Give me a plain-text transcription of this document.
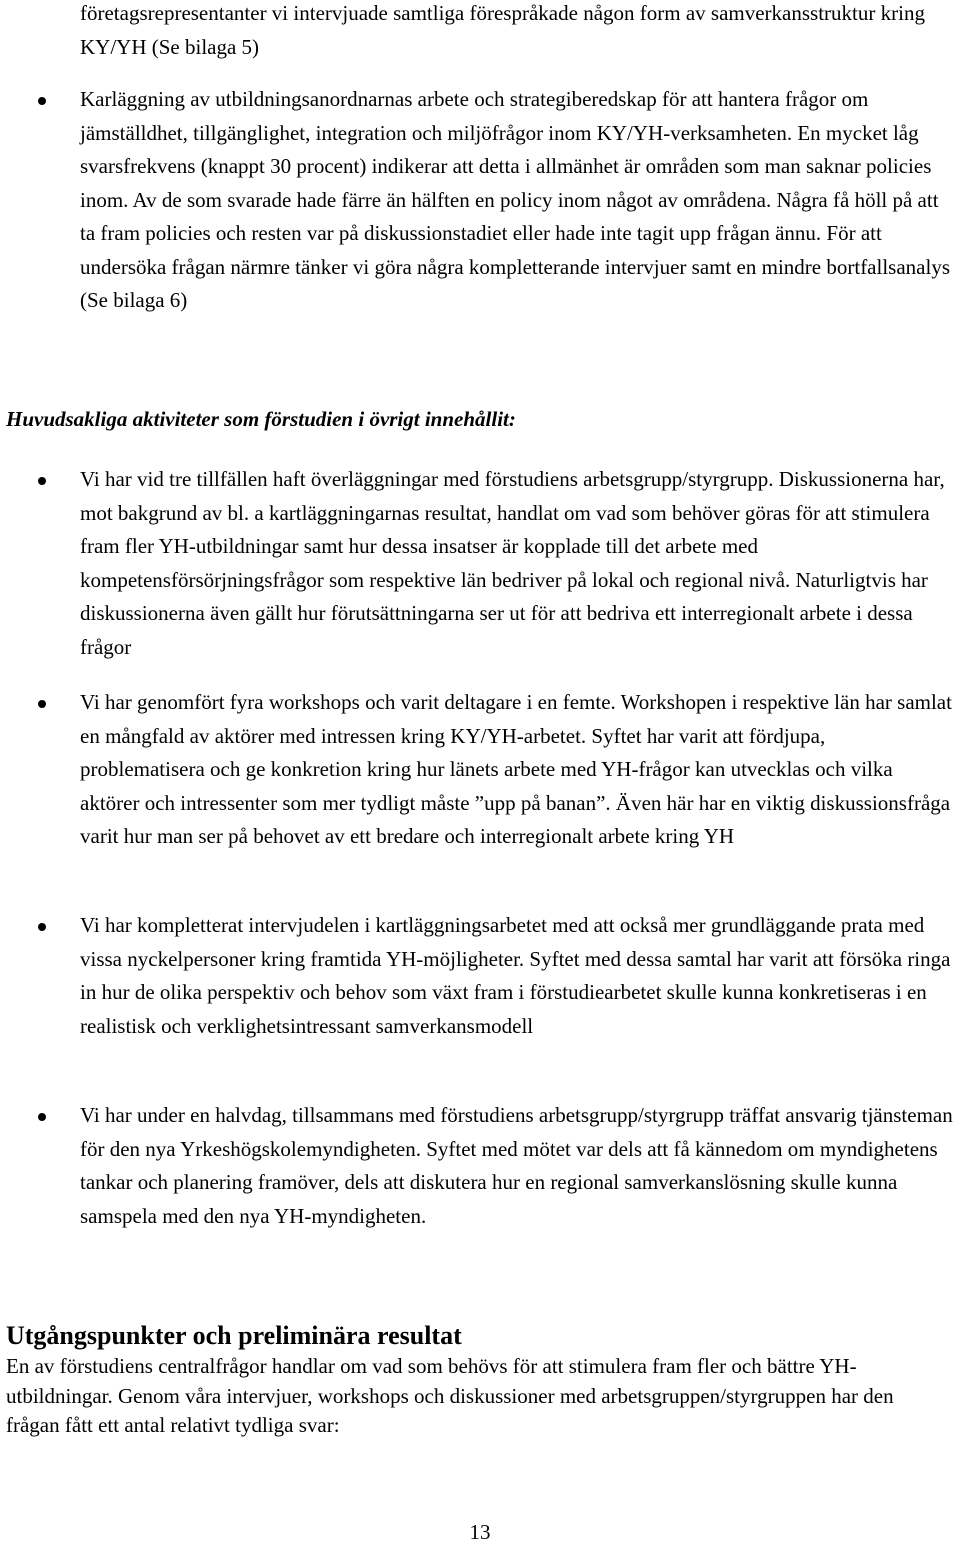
företagsrepresentanter vi intervjuade samtliga förespråkade någon form av samverkansstruktur kring KY/YH (Se bilaga 5)

Karläggning av utbildningsanordnarnas arbete och strategiberedskap för att hantera frågor om jämställdhet, tillgänglighet, integration och miljöfrågor inom KY/YH-verksamheten. En mycket låg svarsfrekvens (knappt 30 procent) indikerar att detta i allmänhet är områden som man saknar policies inom. Av de som svarade hade färre än hälften en policy inom något av områdena. Några få höll på att ta fram policies och resten var på diskussionstadiet eller hade inte tagit upp frågan ännu. För att undersöka frågan närmre tänker vi göra några kompletterande intervjuer samt en mindre bortfallsanalys (Se bilaga 6)

Huvudsakliga aktiviteter som förstudien i övrigt innehållit:

Vi har vid tre tillfällen haft överläggningar med förstudiens arbetsgrupp/styrgrupp. Diskussionerna har, mot bakgrund av bl. a kartläggningarnas resultat, handlat om vad som behöver göras för att stimulera fram fler YH-utbildningar samt hur dessa insatser är kopplade till det arbete med kompetensförsörjningsfrågor som respektive län bedriver på lokal och regional nivå. Naturligtvis har diskussionerna även gällt hur förutsättningarna ser ut för att bedriva ett interregionalt arbete i dessa frågor

Vi har genomfört fyra workshops och varit deltagare i en femte. Workshopen i respektive län har samlat en mångfald av aktörer med intressen kring KY/YH-arbetet. Syftet har varit att fördjupa, problematisera och ge konkretion kring hur länets arbete med YH-frågor kan utvecklas och vilka aktörer och intressenter som mer tydligt måste ”upp på banan”. Även här har en viktig diskussionsfråga varit hur man ser på behovet av ett bredare och interregionalt arbete kring YH

Vi har kompletterat intervjudelen i kartläggningsarbetet med att också mer grundläggande prata med vissa nyckelpersoner kring framtida YH-möjligheter. Syftet med dessa samtal har varit att försöka ringa in hur de olika perspektiv och behov som växt fram i förstudiearbetet skulle kunna konkretiseras i en realistisk och verklighetsintressant samverkansmodell

Vi har under en halvdag, tillsammans med förstudiens arbetsgrupp/styrgrupp träffat ansvarig tjänsteman för den nya Yrkeshögskolemyndigheten. Syftet med mötet var dels att få kännedom om myndighetens tankar och planering framöver, dels att diskutera hur en regional samverkanslösning skulle kunna samspela med den nya YH-myndigheten.

Utgångspunkter och preliminära resultat

En av förstudiens centralfrågor handlar om vad som behövs för att stimulera fram fler och bättre YH-utbildningar. Genom våra intervjuer, workshops och diskussioner med arbetsgruppen/styrgruppen har den frågan fått ett antal relativt tydliga svar:

13
